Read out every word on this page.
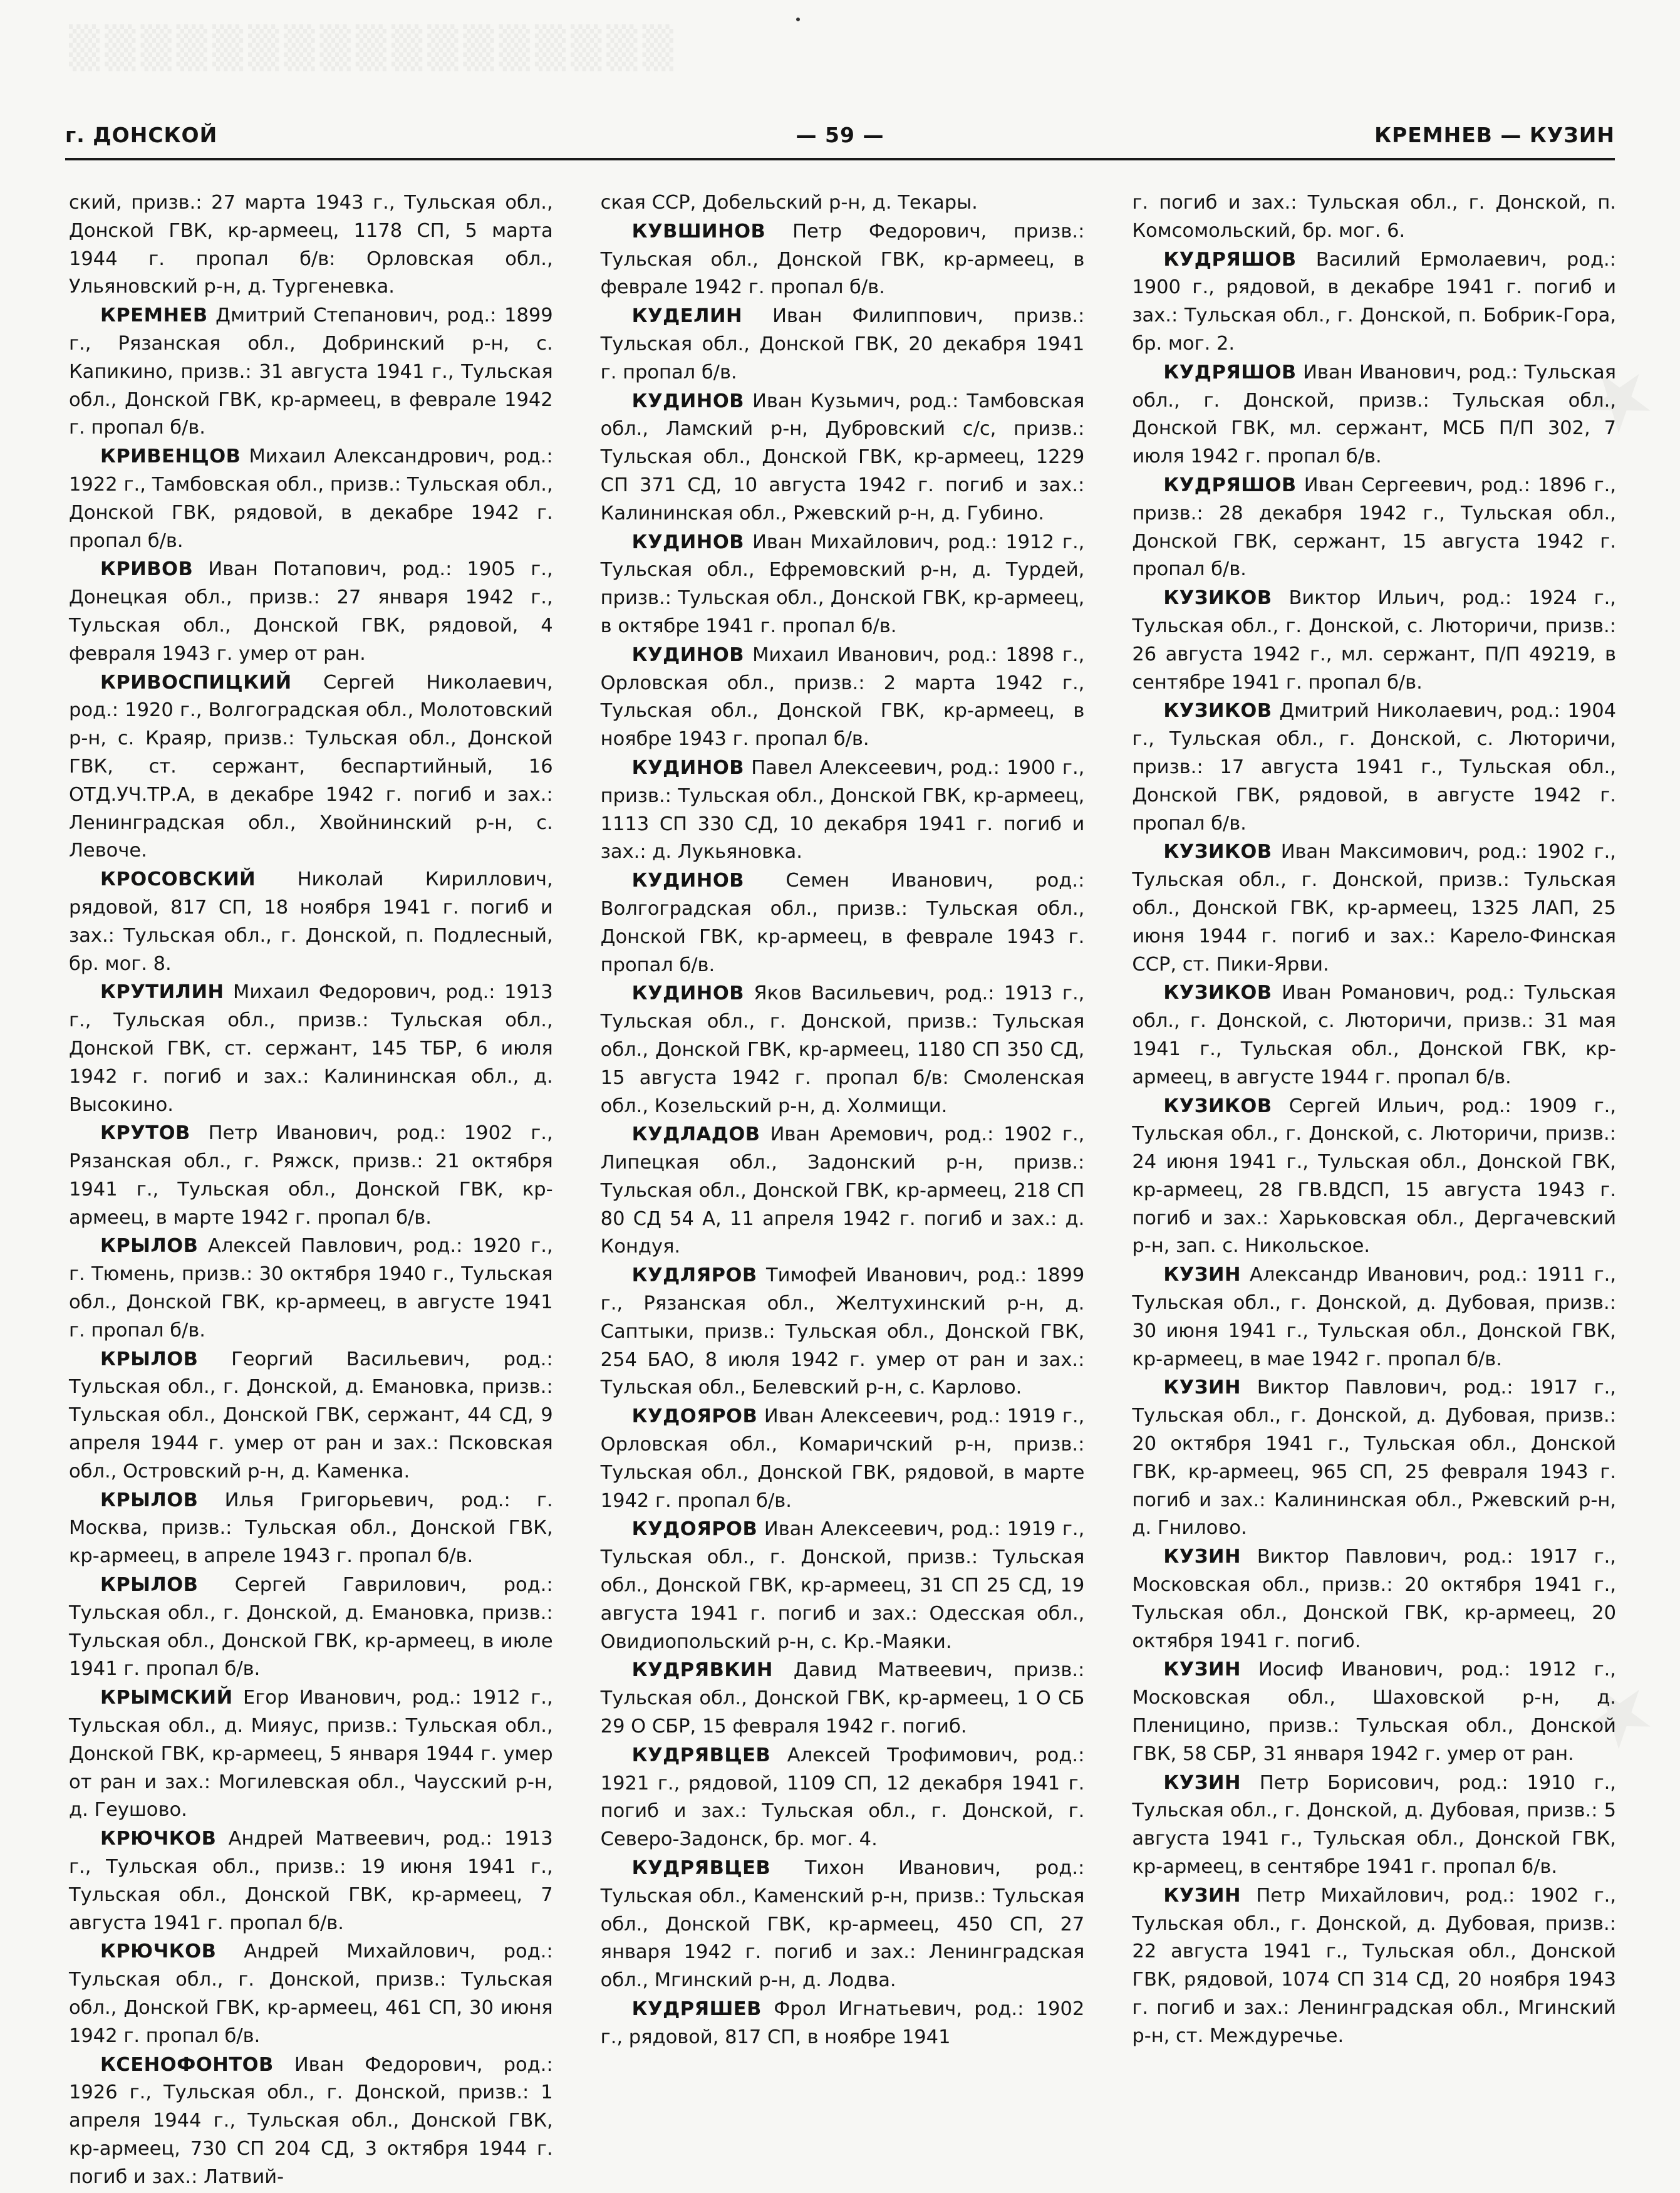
▒▒▒▒▒▒▒▒▒▒▒▒▒▒▒▒▒
★
★
г. ДОНСКОЙ	— 59 —	КРЕМНЕВ — КУЗИН

ский, призв.: 27 марта 1943 г., Тульская обл., Донской ГВК, кр-армеец, 1178 СП, 5 марта 1944 г. пропал б/в: Орловская обл., Ульяновский р-н, д. Тургеневка.

КРЕМНЕВ Дмитрий Степанович, род.: 1899 г., Рязанская обл., Добринский р-н, с. Капикино, призв.: 31 августа 1941 г., Тульская обл., Донской ГВК, кр-армеец, в феврале 1942 г. пропал б/в.

КРИВЕНЦОВ Михаил Александрович, род.: 1922 г., Тамбовская обл., призв.: Тульская обл., Донской ГВК, рядовой, в декабре 1942 г. пропал б/в.

КРИВОВ Иван Потапович, род.: 1905 г., Донецкая обл., призв.: 27 января 1942 г., Тульская обл., Донской ГВК, рядовой, 4 февраля 1943 г. умер от ран.

КРИВОСПИЦКИЙ Сергей Николаевич, род.: 1920 г., Волгоградская обл., Молотовский р-н, с. Краяр, призв.: Тульская обл., Донской ГВК, ст. сержант, беспартийный, 16 ОТД.УЧ.ТР.А, в декабре 1942 г. погиб и зах.: Ленинградская обл., Хвойнинский р-н, с. Левоче.

КРОСОВСКИЙ Николай Кириллович, рядовой, 817 СП, 18 ноября 1941 г. погиб и зах.: Тульская обл., г. Донской, п. Подлесный, бр. мог. 8.

КРУТИЛИН Михаил Федорович, род.: 1913 г., Тульская обл., призв.: Тульская обл., Донской ГВК, ст. сержант, 145 ТБР, 6 июля 1942 г. погиб и зах.: Калининская обл., д. Высокино.

КРУТОВ Петр Иванович, род.: 1902 г., Рязанская обл., г. Ряжск, призв.: 21 октября 1941 г., Тульская обл., Донской ГВК, кр-армеец, в марте 1942 г. пропал б/в.

КРЫЛОВ Алексей Павлович, род.: 1920 г., г. Тюмень, призв.: 30 октября 1940 г., Тульская обл., Донской ГВК, кр-армеец, в августе 1941 г. пропал б/в.

КРЫЛОВ Георгий Васильевич, род.: Тульская обл., г. Донской, д. Емановка, призв.: Тульская обл., Донской ГВК, сержант, 44 СД, 9 апреля 1944 г. умер от ран и зах.: Псковская обл., Островский р-н, д. Каменка.

КРЫЛОВ Илья Григорьевич, род.: г. Москва, призв.: Тульская обл., Донской ГВК, кр-армеец, в апреле 1943 г. пропал б/в.

КРЫЛОВ Сергей Гаврилович, род.: Тульская обл., г. Донской, д. Емановка, призв.: Тульская обл., Донской ГВК, кр-армеец, в июле 1941 г. пропал б/в.

КРЫМСКИЙ Егор Иванович, род.: 1912 г., Тульская обл., д. Мияус, призв.: Тульская обл., Донской ГВК, кр-армеец, 5 января 1944 г. умер от ран и зах.: Могилевская обл., Чаусский р-н, д. Геушово.

КРЮЧКОВ Андрей Матвеевич, род.: 1913 г., Тульская обл., призв.: 19 июня 1941 г., Тульская обл., Донской ГВК, кр-армеец, 7 августа 1941 г. пропал б/в.

КРЮЧКОВ Андрей Михайлович, род.: Тульская обл., г. Донской, призв.: Тульская обл., Донской ГВК, кр-армеец, 461 СП, 30 июня 1942 г. пропал б/в.

КСЕНОФОНТОВ Иван Федорович, род.: 1926 г., Тульская обл., г. Донской, призв.: 1 апреля 1944 г., Тульская обл., Донской ГВК, кр-армеец, 730 СП 204 СД, 3 октября 1944 г. погиб и зах.: Латвий-

ская ССР, Добельский р-н, д. Текары.

КУВШИНОВ Петр Федорович, призв.: Тульская обл., Донской ГВК, кр-армеец, в феврале 1942 г. пропал б/в.

КУДЕЛИН Иван Филиппович, призв.: Тульская обл., Донской ГВК, 20 декабря 1941 г. пропал б/в.

КУДИНОВ Иван Кузьмич, род.: Тамбовская обл., Ламский р-н, Дубровский с/с, призв.: Тульская обл., Донской ГВК, кр-армеец, 1229 СП 371 СД, 10 августа 1942 г. погиб и зах.: Калининская обл., Ржевский р-н, д. Губино.

КУДИНОВ Иван Михайлович, род.: 1912 г., Тульская обл., Ефремовский р-н, д. Турдей, призв.: Тульская обл., Донской ГВК, кр-армеец, в октябре 1941 г. пропал б/в.

КУДИНОВ Михаил Иванович, род.: 1898 г., Орловская обл., призв.: 2 марта 1942 г., Тульская обл., Донской ГВК, кр-армеец, в ноябре 1943 г. пропал б/в.

КУДИНОВ Павел Алексеевич, род.: 1900 г., призв.: Тульская обл., Донской ГВК, кр-армеец, 1113 СП 330 СД, 10 декабря 1941 г. погиб и зах.: д. Лукьяновка.

КУДИНОВ Семен Иванович, род.: Волгоградская обл., призв.: Тульская обл., Донской ГВК, кр-армеец, в феврале 1943 г. пропал б/в.

КУДИНОВ Яков Васильевич, род.: 1913 г., Тульская обл., г. Донской, призв.: Тульская обл., Донской ГВК, кр-армеец, 1180 СП 350 СД, 15 августа 1942 г. пропал б/в: Смоленская обл., Козельский р-н, д. Холмищи.

КУДЛАДОВ Иван Аремович, род.: 1902 г., Липецкая обл., Задонский р-н, призв.: Тульская обл., Донской ГВК, кр-армеец, 218 СП 80 СД 54 А, 11 апреля 1942 г. погиб и зах.: д. Кондуя.

КУДЛЯРОВ Тимофей Иванович, род.: 1899 г., Рязанская обл., Желтухинский р-н, д. Саптыки, призв.: Тульская обл., Донской ГВК, 254 БАО, 8 июля 1942 г. умер от ран и зах.: Тульская обл., Белевский р-н, с. Карлово.

КУДОЯРОВ Иван Алексеевич, род.: 1919 г., Орловская обл., Комаричский р-н, призв.: Тульская обл., Донской ГВК, рядовой, в марте 1942 г. пропал б/в.

КУДОЯРОВ Иван Алексеевич, род.: 1919 г., Тульская обл., г. Донской, призв.: Тульская обл., Донской ГВК, кр-армеец, 31 СП 25 СД, 19 августа 1941 г. погиб и зах.: Одесская обл., Овидиопольский р-н, с. Кр.-Маяки.

КУДРЯВКИН Давид Матвеевич, призв.: Тульская обл., Донской ГВК, кр-армеец, 1 О СБ 29 О СБР, 15 февраля 1942 г. погиб.

КУДРЯВЦЕВ Алексей Трофимович, род.: 1921 г., рядовой, 1109 СП, 12 декабря 1941 г. погиб и зах.: Тульская обл., г. Донской, г. Северо-Задонск, бр. мог. 4.

КУДРЯВЦЕВ Тихон Иванович, род.: Тульская обл., Каменский р-н, призв.: Тульская обл., Донской ГВК, кр-армеец, 450 СП, 27 января 1942 г. погиб и зах.: Ленинградская обл., Мгинский р-н, д. Лодва.

КУДРЯШЕВ Фрол Игнатьевич, род.: 1902 г., рядовой, 817 СП, в ноябре 1941

г. погиб и зах.: Тульская обл., г. Донской, п. Комсомольский, бр. мог. 6.

КУДРЯШОВ Василий Ермолаевич, род.: 1900 г., рядовой, в декабре 1941 г. погиб и зах.: Тульская обл., г. Донской, п. Бобрик-Гора, бр. мог. 2.

КУДРЯШОВ Иван Иванович, род.: Тульская обл., г. Донской, призв.: Тульская обл., Донской ГВК, мл. сержант, МСБ П/П 302, 7 июля 1942 г. пропал б/в.

КУДРЯШОВ Иван Сергеевич, род.: 1896 г., призв.: 28 декабря 1942 г., Тульская обл., Донской ГВК, сержант, 15 августа 1942 г. пропал б/в.

КУЗИКОВ Виктор Ильич, род.: 1924 г., Тульская обл., г. Донской, с. Люторичи, призв.: 26 августа 1942 г., мл. сержант, П/П 49219, в сентябре 1941 г. пропал б/в.

КУЗИКОВ Дмитрий Николаевич, род.: 1904 г., Тульская обл., г. Донской, с. Люторичи, призв.: 17 августа 1941 г., Тульская обл., Донской ГВК, рядовой, в августе 1942 г. пропал б/в.

КУЗИКОВ Иван Максимович, род.: 1902 г., Тульская обл., г. Донской, призв.: Тульская обл., Донской ГВК, кр-армеец, 1325 ЛАП, 25 июня 1944 г. погиб и зах.: Карело-Финская ССР, ст. Пики-Ярви.

КУЗИКОВ Иван Романович, род.: Тульская обл., г. Донской, с. Люторичи, призв.: 31 мая 1941 г., Тульская обл., Донской ГВК, кр-армеец, в августе 1944 г. пропал б/в.

КУЗИКОВ Сергей Ильич, род.: 1909 г., Тульская обл., г. Донской, с. Люторичи, призв.: 24 июня 1941 г., Тульская обл., Донской ГВК, кр-армеец, 28 ГВ.ВДСП, 15 августа 1943 г. погиб и зах.: Харьковская обл., Дергачевский р-н, зап. с. Никольское.

КУЗИН Александр Иванович, род.: 1911 г., Тульская обл., г. Донской, д. Дубовая, призв.: 30 июня 1941 г., Тульская обл., Донской ГВК, кр-армеец, в мае 1942 г. пропал б/в.

КУЗИН Виктор Павлович, род.: 1917 г., Тульская обл., г. Донской, д. Дубовая, призв.: 20 октября 1941 г., Тульская обл., Донской ГВК, кр-армеец, 965 СП, 25 февраля 1943 г. погиб и зах.: Калининская обл., Ржевский р-н, д. Гнилово.

КУЗИН Виктор Павлович, род.: 1917 г., Московская обл., призв.: 20 октября 1941 г., Тульская обл., Донской ГВК, кр-армеец, 20 октября 1941 г. погиб.

КУЗИН Иосиф Иванович, род.: 1912 г., Московская обл., Шаховской р-н, д. Пленицино, призв.: Тульская обл., Донской ГВК, 58 СБР, 31 января 1942 г. умер от ран.

КУЗИН Петр Борисович, род.: 1910 г., Тульская обл., г. Донской, д. Дубовая, призв.: 5 августа 1941 г., Тульская обл., Донской ГВК, кр-армеец, в сентябре 1941 г. пропал б/в.

КУЗИН Петр Михайлович, род.: 1902 г., Тульская обл., г. Донской, д. Дубовая, призв.: 22 августа 1941 г., Тульская обл., Донской ГВК, рядовой, 1074 СП 314 СД, 20 ноября 1943 г. погиб и зах.: Ленинградская обл., Мгинский р-н, ст. Междуречье.
